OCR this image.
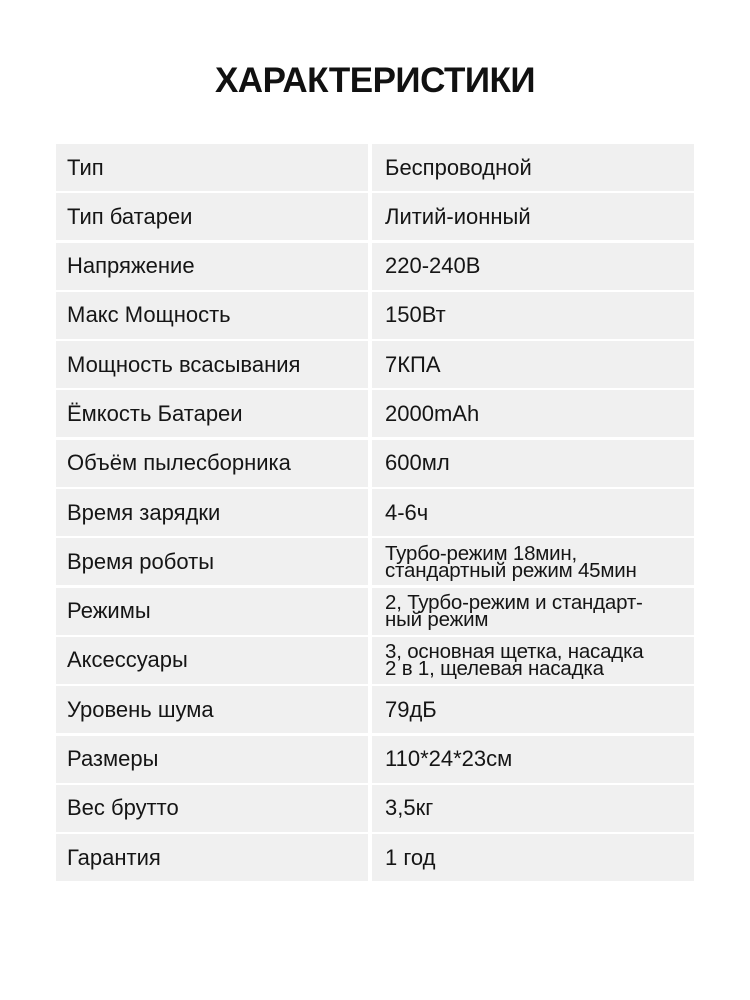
ХАРАКТЕРИСТИКИ
Тип	Беспроводной
Тип батареи	Литий-ионный
Напряжение	220-240В
Макс Мощность	150Вт
Мощность всасывания	7КПА
Ёмкость Батареи	2000mAh
Объём пылесборника	600мл
Время зарядки	4-6ч
Время роботы	Турбо-режим 18мин,
стандартный режим 45мин
Режимы	2, Турбо-режим и стандарт-
ный режим
Аксессуары	3, основная щетка, насадка
2 в 1, щелевая насадка
Уровень шума	79дБ
Размеры	110*24*23см
Вес брутто	3,5кг
Гарантия	1 год
